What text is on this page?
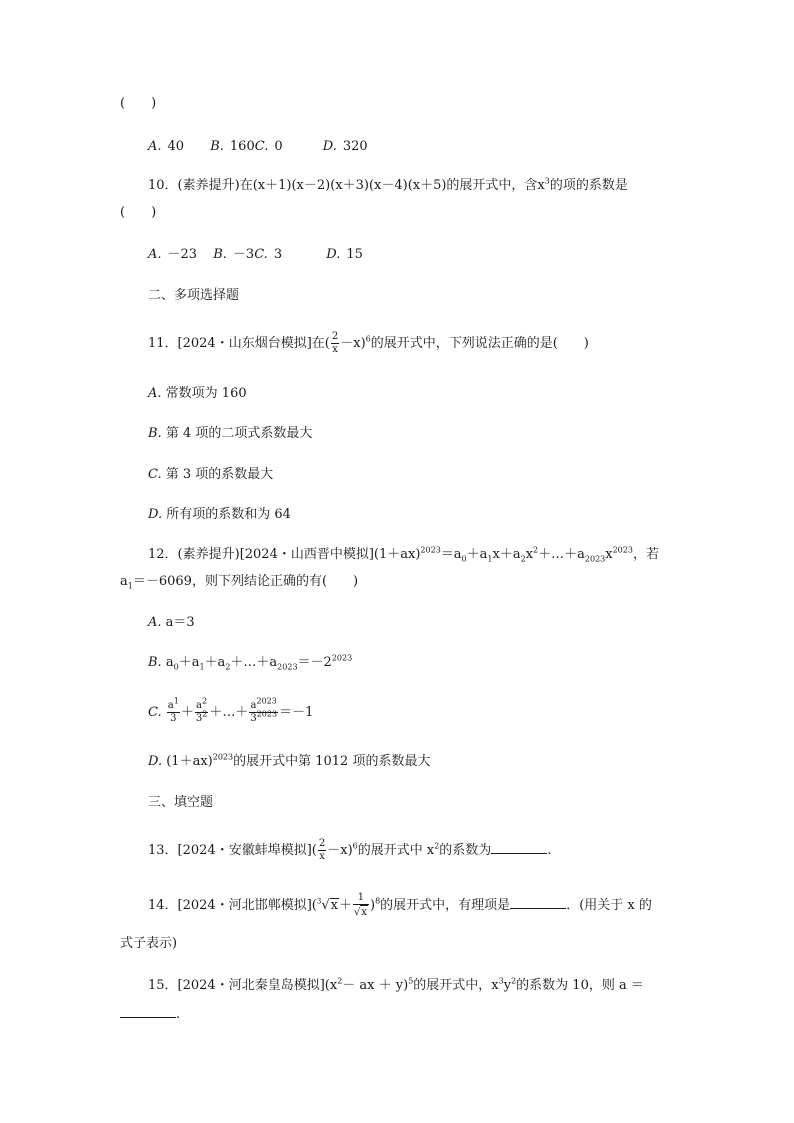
(　　)
A. 40 B. 160C. 0	D. 320
10．(素养提升)在(x＋1)(x－2)(x＋3)(x－4)(x＋5)的展开式中，含$x^3$的项的系数是
(　　)
A. －23 B. －3C. 3	D. 15
二、多项选择题
11．[2024・山东烟台模拟]在( $\frac{2}{x} -x)^6$的展开式中，下列说法正确的是(　　)
A. 常数项为 160
B. 第 4 项的二项式系数最大
C. 第 3 项的系数最大
D. 所有项的系数和为 64
12．(素养提升)[2024・山西晋中模拟]$(1+ax)^{2023}=a_0+a_1x+a_2x^2+\dots+a_{2023}x^{2023}$，若
$a_1=-6069$，则下列结论正确的有(　　)
A. a＝3
B. $a_0+a_1+a_2+\dots+a_{2023}=-2^{2023}$
C. $\frac{a^1}{3} + \frac{a^2}{3^2}$ ＋…＋ $\frac{a^{2023}}{3^{2023}} =-1$
D. $(1+ax)^{2023}$的展开式中第 1012 项的系数最大
三、填空题
13．[2024・安徽蚌埠模拟]( $\frac{2}{x} -x)^6$的展开式中 $x^2$的系数为	.
14．[2024・河北邯郸模拟]$(^3√x+ \frac{1}{√x} )^8$的展开式中，有理项是	．(用关于 x 的
式子表示)
15．[2024・河北秦皇岛模拟]($x^2-$ ax ＋ y)$^5$的展开式中，$x^3y^2$的系数为 10，则 a ＝
.
